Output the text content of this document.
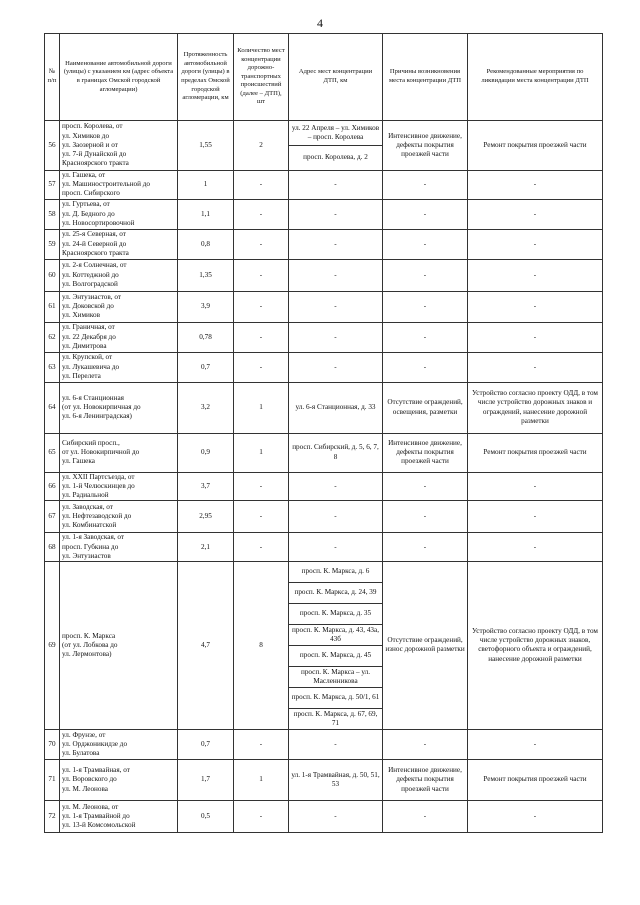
4
№ п/п	Наименование автомобильной дороги (улицы) с указанием км (адрес объекта в границах Омской городской агломерации)	Протяженность автомобильной дороги (улицы) в пределах Омской городской агломерации, км	Количество мест концентрации дорожно-транспортных происшествий (далее – ДТП), шт	Адрес мест концентрации ДТП, км	Причины возникновения места концентрации ДТП	Рекомендованные мероприятия по ликвидации места концентрации ДТП
56	просп. Королева, от
ул. Химиков до
ул. Заозерной и от
ул. 7-й Дунайской до
Красноярского тракта	1,55	2	ул. 22 Апреля – ул. Химиков – просп. Королева	Интенсивное движение, дефекты покрытия проезжей части	Ремонт покрытия проезжей части
				просп. Королева, д. 2		
57	ул. Гашека, от
ул. Машиностроительной до
просп. Сибирского	1	-	-	-	-
58	ул. Гуртьева, от
ул. Д. Бедного до
ул. Новосортировочной	1,1	-	-	-	-
59	ул. 25-я Северная, от
ул. 24-й Северной до
Красноярского тракта	0,8	-	-	-	-
60	ул. 2-я Солнечная, от
ул. Коттеджной до
ул. Волгоградской	1,35	-	-	-	-
61	ул. Энтузиастов, от
ул. Доковской до
ул. Химиков	3,9	-	-	-	-
62	ул. Граничная, от
ул. 22 Декабря до
ул. Димитрова	0,78	-	-	-	-
63	ул. Крупской, от
ул. Лукашевича до
ул. Перелета	0,7	-	-	-	-
64	ул. 6-я Станционная
(от ул. Новокирпичная до
ул. 6-я Ленинградская)	3,2	1	ул. 6-я Станционная, д. 33	Отсутствие ограждений, освещения, разметки	Устройство согласно проекту ОДД, в том числе устройство дорожных знаков и ограждений, нанесение дорожной разметки
65	Сибирский просп.,
от ул. Новокирпичной до
ул. Гашека	0,9	1	просп. Сибирский, д. 5, 6, 7, 8	Интенсивное движение, дефекты покрытия проезжей части	Ремонт покрытия проезжей части
66	ул. XXII Партсъезда, от
ул. 1-й Челюскинцев до
ул. Радиальной	3,7	-	-	-	-
67	ул. Заводская, от
ул. Нефтезаводской до
ул. Комбинатской	2,95	-	-	-	-
68	ул. 1-я Заводская, от
просп. Губкина до
ул. Энтузиастов	2,1	-	-	-	-
69	просп. К. Маркса
(от ул. Лобкова до
ул. Лермонтова)	4,7	8	просп. К. Маркса, д. 6	Отсутствие ограждений, износ дорожной разметки	Устройство согласно проекту ОДД, в том числе устройство дорожных знаков, светофорного объекта и ограждений, нанесение дорожной разметки
				просп. К. Маркса, д. 24, 39		
				просп. К. Маркса, д. 35		
				просп. К. Маркса, д. 43, 43а, 43б		
				просп. К. Маркса, д. 45		
				просп. К. Маркса – ул. Масленникова		
				просп. К. Маркса, д. 50/1, 61		
				просп. К. Маркса, д. 67, 69, 71		
70	ул. Фрунзе, от
ул. Орджоникидзе до
ул. Булатова	0,7	-	-	-	-
71	ул. 1-я Трамвайная, от
ул. Воровского до
ул. М. Леонова	1,7	1	ул. 1-я Трамвайная, д. 50, 51, 53	Интенсивное движение, дефекты покрытия проезжей части	Ремонт покрытия проезжей части
72	ул. М. Леонова, от
ул. 1-я Трамвайной до
ул. 13-й Комсомольской	0,5	-	-	-	-
